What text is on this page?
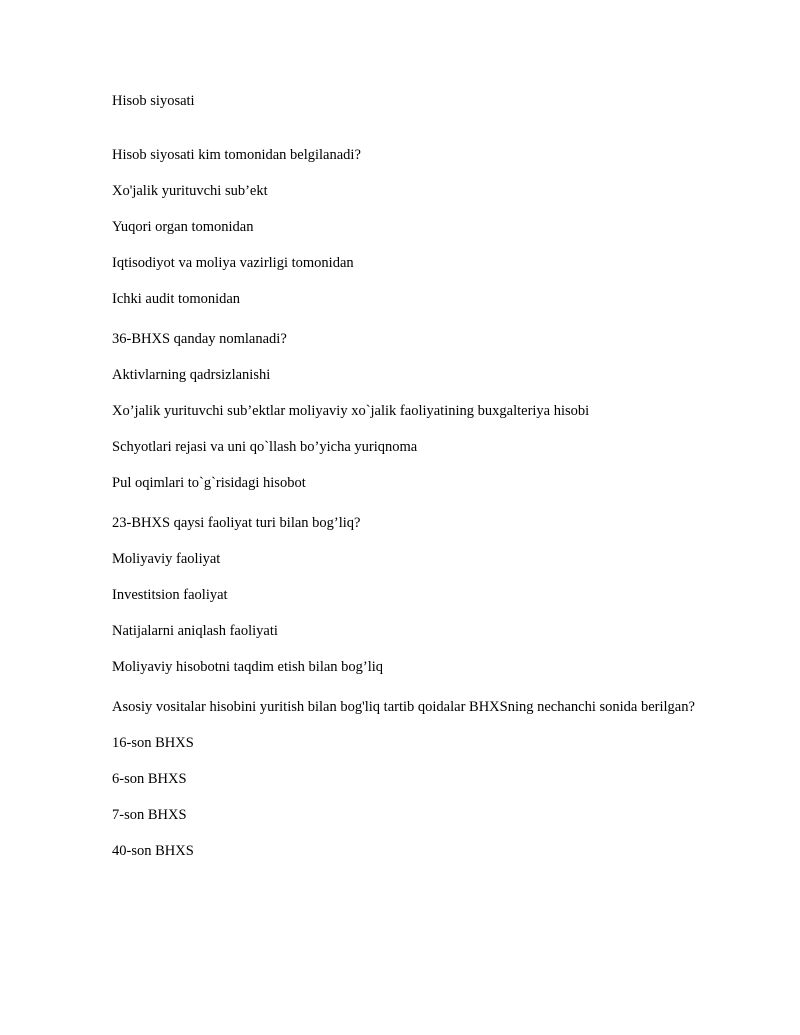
Hisob siyosati
Hisob siyosati kim tomonidan belgilanadi?
Xo'jalik yurituvchi sub’ekt
Yuqori organ tomonidan
Iqtisodiyot va moliya vazirligi tomonidan
Ichki audit tomonidan
36-BHXS qanday nomlanadi?
Aktivlarning qadrsizlanishi
Xo’jalik yurituvchi sub’ektlar moliyaviy xo`jalik faoliyatining buxgalteriya hisobi
Schyotlari rejasi va uni qo`llash bo’yicha yuriqnoma
Pul oqimlari to`g`risidagi hisobot
23-BHXS qaysi faoliyat turi bilan bog’liq?
Moliyaviy faoliyat
Investitsion faoliyat
Natijalarni aniqlash faoliyati
Moliyaviy hisobotni taqdim etish bilan bog’liq
Asosiy vositalar hisobini yuritish bilan bog'liq tartib qoidalar BHXSning nechanchi sonida berilgan?
16-son BHXS
6-son BHXS
7-son BHXS
40-son BHXS
